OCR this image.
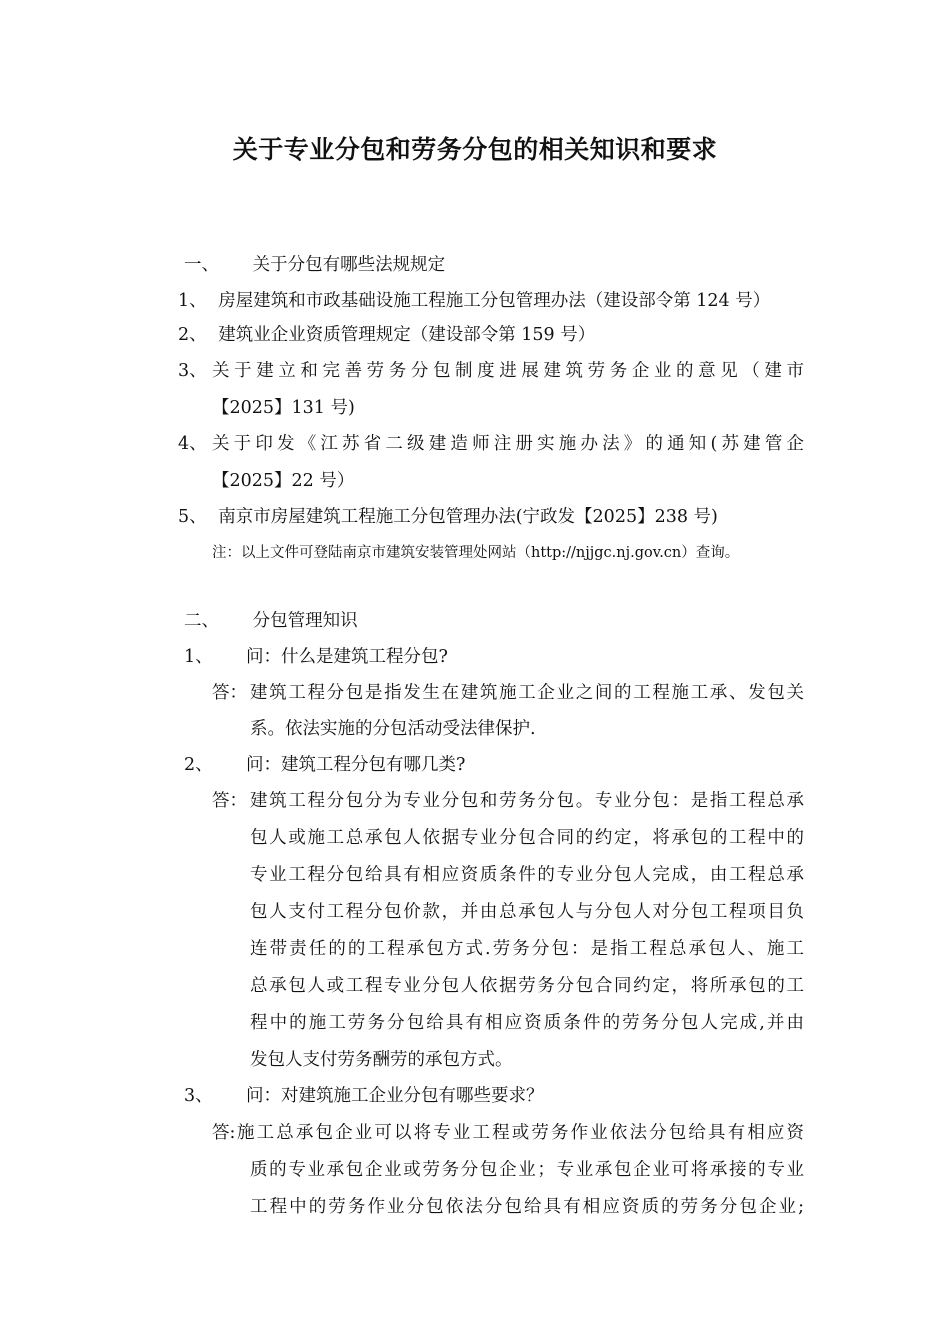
关于专业分包和劳务分包的相关知识和要求
一、 关于分包有哪些法规规定
1、 房屋建筑和市政基础设施工程施工分包管理办法（建设部令第 124 号）
2、 建筑业企业资质管理规定（建设部令第 159 号）
3、 关于建立和完善劳务分包制度进展建筑劳务企业的意见（建市
【2025】131 号)
4、 关于印发《江苏省二级建造师注册实施办法》的通知(苏建管企
【2025】22 号）
5、 南京市房屋建筑工程施工分包管理办法(宁政发【2025】238 号)
注：以上文件可登陆南京市建筑安装管理处网站（http://njjgc.nj.gov.cn）查询。
二、 分包管理知识
1、 问：什么是建筑工程分包?
答： 建筑工程分包是指发生在建筑施工企业之间的工程施工承、发包关
系。依法实施的分包活动受法律保护.
2、 问：建筑工程分包有哪几类?
答： 建筑工程分包分为专业分包和劳务分包。专业分包：是指工程总承
包人或施工总承包人依据专业分包合同的约定，将承包的工程中的
专业工程分包给具有相应资质条件的专业分包人完成，由工程总承
包人支付工程分包价款，并由总承包人与分包人对分包工程项目负
连带责任的的工程承包方式.劳务分包：是指工程总承包人、施工
总承包人或工程专业分包人依据劳务分包合同约定，将所承包的工
程中的施工劳务分包给具有相应资质条件的劳务分包人完成,并由
发包人支付劳务酬劳的承包方式。
3、 问：对建筑施工企业分包有哪些要求？
答: 施工总承包企业可以将专业工程或劳务作业依法分包给具有相应资
质的专业承包企业或劳务分包企业；专业承包企业可将承接的专业
工程中的劳务作业分包依法分包给具有相应资质的劳务分包企业;
